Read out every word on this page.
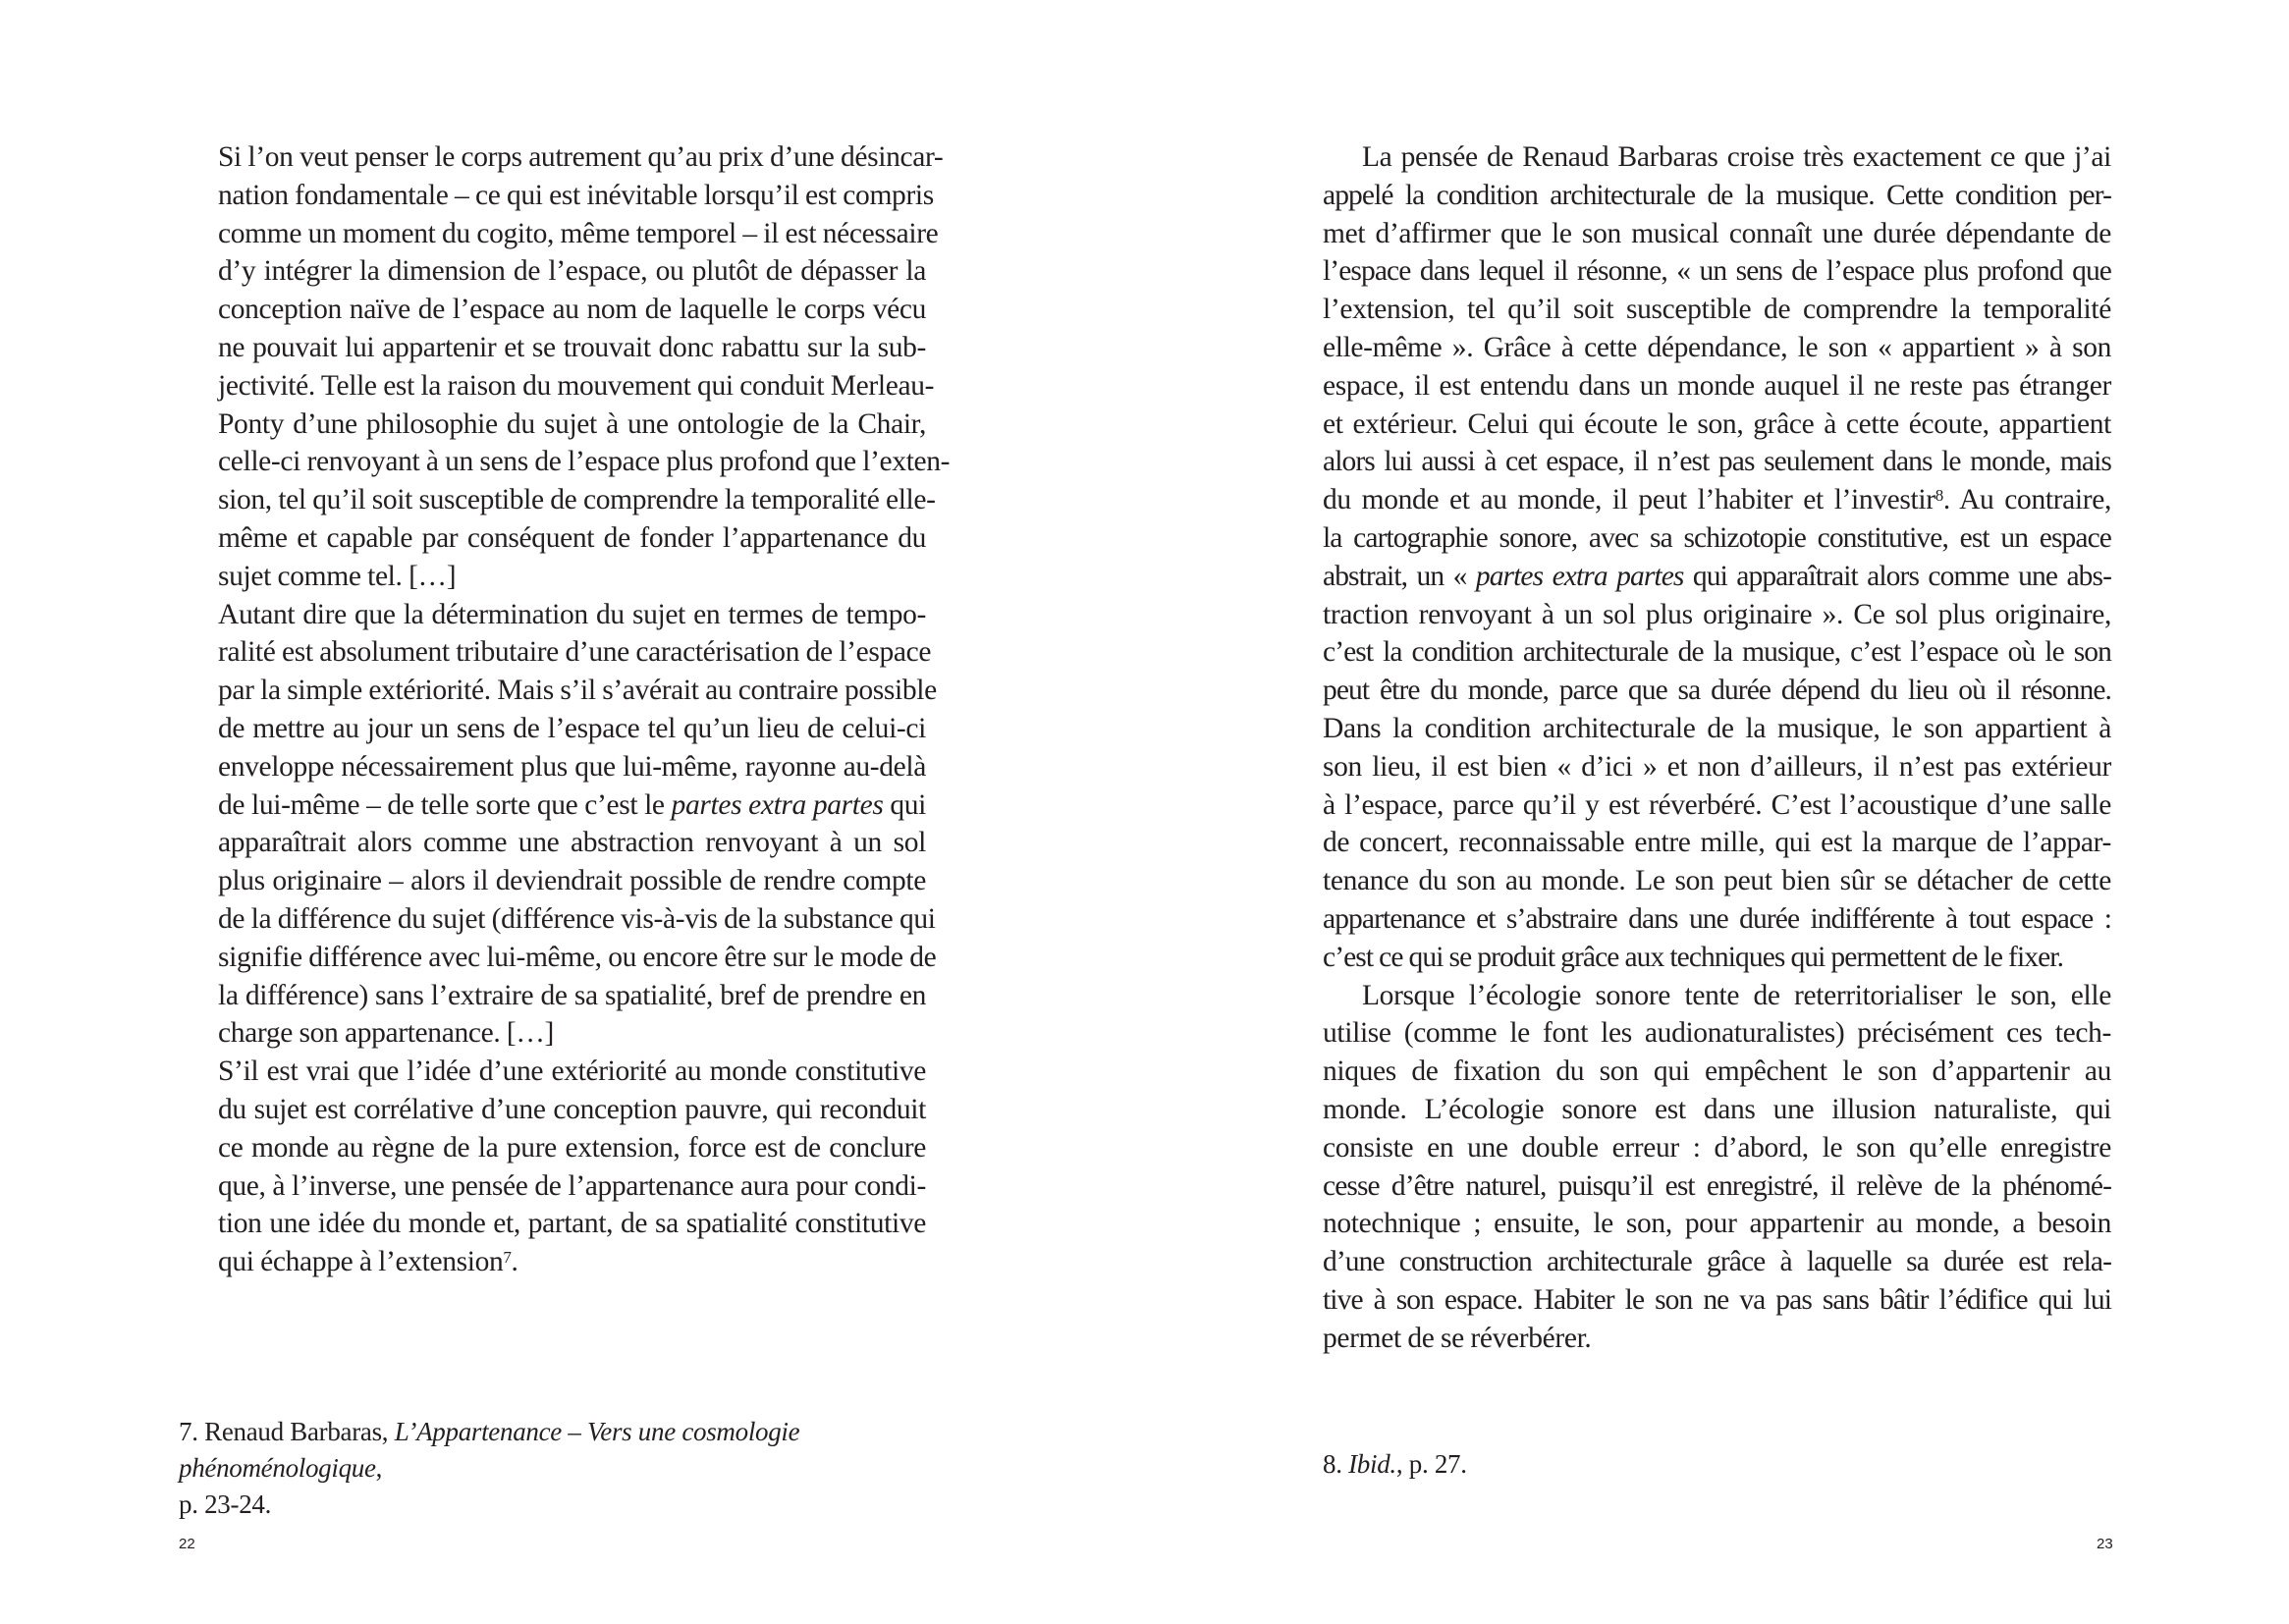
Si l’on veut penser le corps autrement qu’au prix d’une désincar-
nation fondamentale – ce qui est inévitable lorsqu’il est compris
comme un moment du cogito, même temporel – il est nécessaire
d’y intégrer la dimension de l’espace, ou plutôt de dépasser la
conception naïve de l’espace au nom de laquelle le corps vécu
ne pouvait lui appartenir et se trouvait donc rabattu sur la sub-
jectivité. Telle est la raison du mouvement qui conduit Merleau-
Ponty d’une philosophie du sujet à une ontologie de la Chair,
celle-ci renvoyant à un sens de l’espace plus profond que l’exten-
sion, tel qu’il soit susceptible de comprendre la temporalité elle-
même et capable par conséquent de fonder l’appartenance du
sujet comme tel. […]
Autant dire que la détermination du sujet en termes de tempo-
ralité est absolument tributaire d’une caractérisation de l’espace
par la simple extériorité. Mais s’il s’avérait au contraire possible
de mettre au jour un sens de l’espace tel qu’un lieu de celui-ci
enveloppe nécessairement plus que lui-même, rayonne au-delà
de lui-même – de telle sorte que c’est le partes extra partes qui
apparaîtrait alors comme une abstraction renvoyant à un sol
plus originaire – alors il deviendrait possible de rendre compte
de la différence du sujet (différence vis-à-vis de la substance qui
signifie différence avec lui-même, ou encore être sur le mode de
la différence) sans l’extraire de sa spatialité, bref de prendre en
charge son appartenance. […]
S’il est vrai que l’idée d’une extériorité au monde constitutive
du sujet est corrélative d’une conception pauvre, qui reconduit
ce monde au règne de la pure extension, force est de conclure
que, à l’inverse, une pensée de l’appartenance aura pour condi-
tion une idée du monde et, partant, de sa spatialité constitutive
qui échappe à l’extension$^7$.
7. Renaud Barbaras, L’Appartenance – Vers une cosmologie phénoménologique,
p. 23-24.
22
La pensée de Renaud Barbaras croise très exactement ce que j’ai
appelé la condition architecturale de la musique. Cette condition per-
met d’affirmer que le son musical connaît une durée dépendante de
l’espace dans lequel il résonne, « un sens de l’espace plus profond que
l’extension, tel qu’il soit susceptible de comprendre la temporalité
elle-même ». Grâce à cette dépendance, le son « appartient » à son
espace, il est entendu dans un monde auquel il ne reste pas étranger
et extérieur. Celui qui écoute le son, grâce à cette écoute, appartient
alors lui aussi à cet espace, il n’est pas seulement dans le monde, mais
du monde et au monde, il peut l’habiter et l’investir$^8$. Au contraire,
la cartographie sonore, avec sa schizotopie constitutive, est un espace
abstrait, un « partes extra partes qui apparaîtrait alors comme une abs-
traction renvoyant à un sol plus originaire ». Ce sol plus originaire,
c’est la condition architecturale de la musique, c’est l’espace où le son
peut être du monde, parce que sa durée dépend du lieu où il résonne.
Dans la condition architecturale de la musique, le son appartient à
son lieu, il est bien « d’ici » et non d’ailleurs, il n’est pas extérieur
à l’espace, parce qu’il y est réverbéré. C’est l’acoustique d’une salle
de concert, reconnaissable entre mille, qui est la marque de l’appar-
tenance du son au monde. Le son peut bien sûr se détacher de cette
appartenance et s’abstraire dans une durée indifférente à tout espace :
c’est ce qui se produit grâce aux techniques qui permettent de le fixer.
Lorsque l’écologie sonore tente de reterritorialiser le son, elle
utilise (comme le font les audionaturalistes) précisément ces tech-
niques de fixation du son qui empêchent le son d’appartenir au
monde. L’écologie sonore est dans une illusion naturaliste, qui
consiste en une double erreur : d’abord, le son qu’elle enregistre
cesse d’être naturel, puisqu’il est enregistré, il relève de la phénomé-
notechnique ; ensuite, le son, pour appartenir au monde, a besoin
d’une construction architecturale grâce à laquelle sa durée est rela-
tive à son espace. Habiter le son ne va pas sans bâtir l’édifice qui lui
permet de se réverbérer.
8. Ibid., p. 27.
23
